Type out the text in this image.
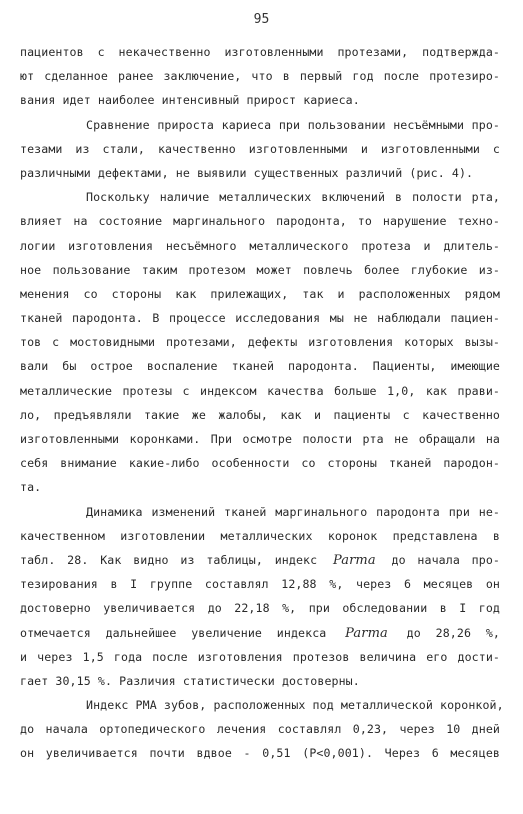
95
пациентов с некачественно изготовленными протезами, подтвержда-
ют сделанное ранее заключение, что в первый год после протезиро-
вания идет наиболее интенсивный прирост кариеса.
Сравнение прироста кариеса при пользовании несъёмными про-
тезами из стали, качественно изготовленными и изготовленными с
различными дефектами, не выявили существенных различий (рис. 4).
Поскольку наличие металлических включений в полости рта,
влияет на состояние маргинального пародонта, то нарушение техно-
логии изготовления несъёмного металлического протеза и длитель-
ное пользование таким протезом может повлечь более глубокие из-
менения со стороны как прилежащих, так и расположенных рядом
тканей пародонта. В процессе исследования мы не наблюдали пациен-
тов с мостовидными протезами, дефекты изготовления которых вызы-
вали бы острое воспаление тканей пародонта. Пациенты, имеющие
металлические протезы с индексом качества больше 1,0, как прави-
ло, предъявляли такие же жалобы, как и пациенты с качественно
изготовленными коронками. При осмотре полости рта не обращали на
себя внимание какие-либо особенности со стороны тканей пародон-
та.
Динамика изменений тканей маргинального пародонта при не-
качественном изготовлении металлических коронок представлена в
табл. 28. Как видно из таблицы, индекс Parma до начала про-
тезирования в I группе составлял 12,88 %, через 6 месяцев он
достоверно увеличивается до 22,18 %, при обследовании в I год
отмечается дальнейшее увеличение индекса Parma до 28,26 %,
и через 1,5 года после изготовления протезов величина его дости-
гает 30,15 %. Различия статистически достоверны.
Индекс РМА зубов, расположенных под металлической коронкой,
до начала ортопедического лечения составлял 0,23, через 10 дней
он увеличивается почти вдвое - 0,51 (P<0,001). Через 6 месяцев
